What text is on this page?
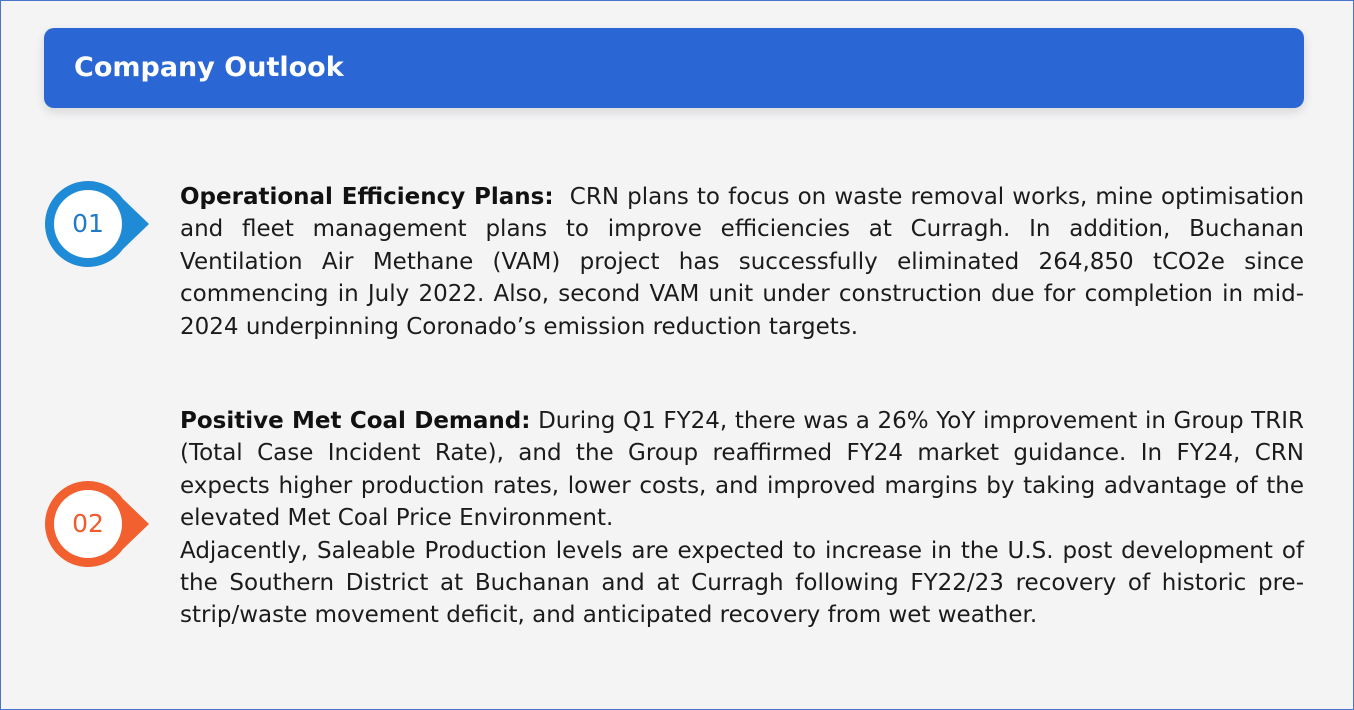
Company Outlook
01
02

Operational Efficiency Plans: CRN plans to focus on waste removal works, mine optimisation and fleet management plans to improve efficiencies at Curragh. In addition, Buchanan Ventilation Air Methane (VAM) project has successfully eliminated 264,850 tCO2e since commencing in July 2022. Also, second VAM unit under construction due for completion in mid-2024 underpinning Coronado’s emission reduction targets.

Positive Met Coal Demand: During Q1 FY24, there was a 26% YoY improvement in Group TRIR (Total Case Incident Rate), and the Group reaffirmed FY24 market guidance. In FY24, CRN expects higher production rates, lower costs, and improved margins by taking advantage of the elevated Met Coal Price Environment.

Adjacently, Saleable Production levels are expected to increase in the U.S. post development of the Southern District at Buchanan and at Curragh following FY22/23 recovery of historic pre-strip/waste movement deficit, and anticipated recovery from wet weather.
